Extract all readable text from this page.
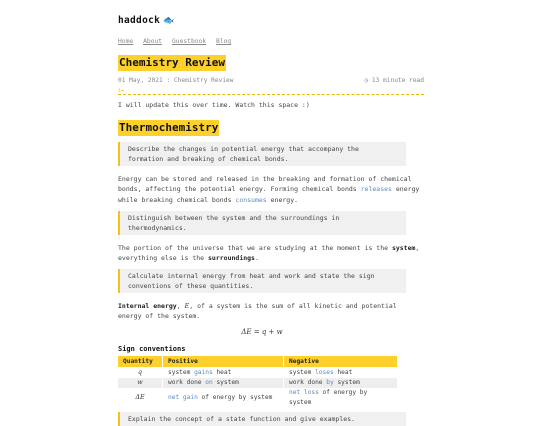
haddock 🐟
Home About Guestbook Blog
Chemistry Review
01 May, 2021 : Chemistry Review	◷ 13 minute read
≀→
I will update this over time. Watch this space :)
Thermochemistry
Describe the changes in potential energy that accompany the formation and breaking of chemical bonds.

Energy can be stored and released in the breaking and formation of chemical bonds, affecting the potential energy. Forming chemical bonds releases energy while breaking chemical bonds consumes energy.

Distinguish between the system and the surroundings in thermodynamics.

The portion of the universe that we are studying at the moment is the system, everything else is the surroundings.

Calculate internal energy from heat and work and state the sign conventions of these quantities.

Internal energy, E, of a system is the sum of all kinetic and potential energy of the system.

ΔE = q + w
Sign conventions
Quantity	Positive	Negative
q	system gains heat	system loses heat
w	work done on system	work done by system
ΔE	net gain of energy by system	net loss of energy by system
Explain the concept of a state function and give examples.
